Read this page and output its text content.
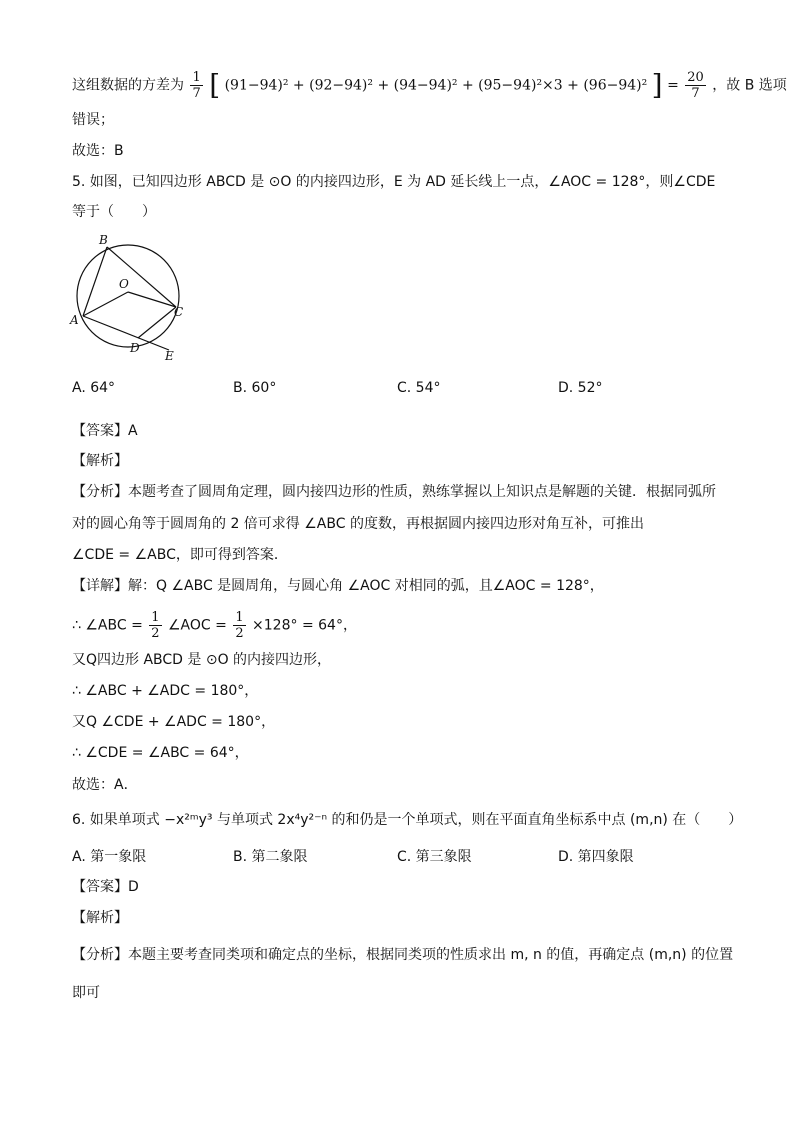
这组数据的方差为 $\frac{1}{7}$ [ (91−94)² + (92−94)² + (94−94)² + (95−94)²×3 + (96−94)² ] = $\frac{20}{7}$ ，故 B 选项
错误；
故选：B
5. 如图，已知四边形 ABCD 是 ⊙O 的内接四边形，E 为 AD 延长线上一点，∠AOC = 128°，则∠CDE
等于（　　）
B
O
A
C
D
E
A. 64°	B. 60°	C. 54°	D. 52°
【答案】A
【解析】
【分析】本题考查了圆周角定理，圆内接四边形的性质，熟练掌握以上知识点是解题的关键．根据同弧所
对的圆心角等于圆周角的 2 倍可求得 ∠ABC 的度数，再根据圆内接四边形对角互补，可推出
∠CDE = ∠ABC，即可得到答案．
【详解】解：Q ∠ABC 是圆周角，与圆心角 ∠AOC 对相同的弧，且∠AOC = 128°，
∴ ∠ABC = $\frac{1}{2}$ ∠AOC = $\frac{1}{2} \times 128^\circ = 64^\circ$，
又Q四边形 ABCD 是 ⊙O 的内接四边形，
∴ ∠ABC + ∠ADC = 180°，
又Q ∠CDE + ∠ADC = 180°，
∴ ∠CDE = ∠ABC = 64°，
故选：A．
6. 如果单项式 −x²ᵐy³ 与单项式 2x⁴y²⁻ⁿ 的和仍是一个单项式，则在平面直角坐标系中点 (m,n) 在（　　）
A. 第一象限	B. 第二象限	C. 第三象限	D. 第四象限
【答案】D
【解析】
【分析】本题主要考查同类项和确定点的坐标，根据同类项的性质求出 m, n 的值，再确定点 (m,n) 的位置
即可
